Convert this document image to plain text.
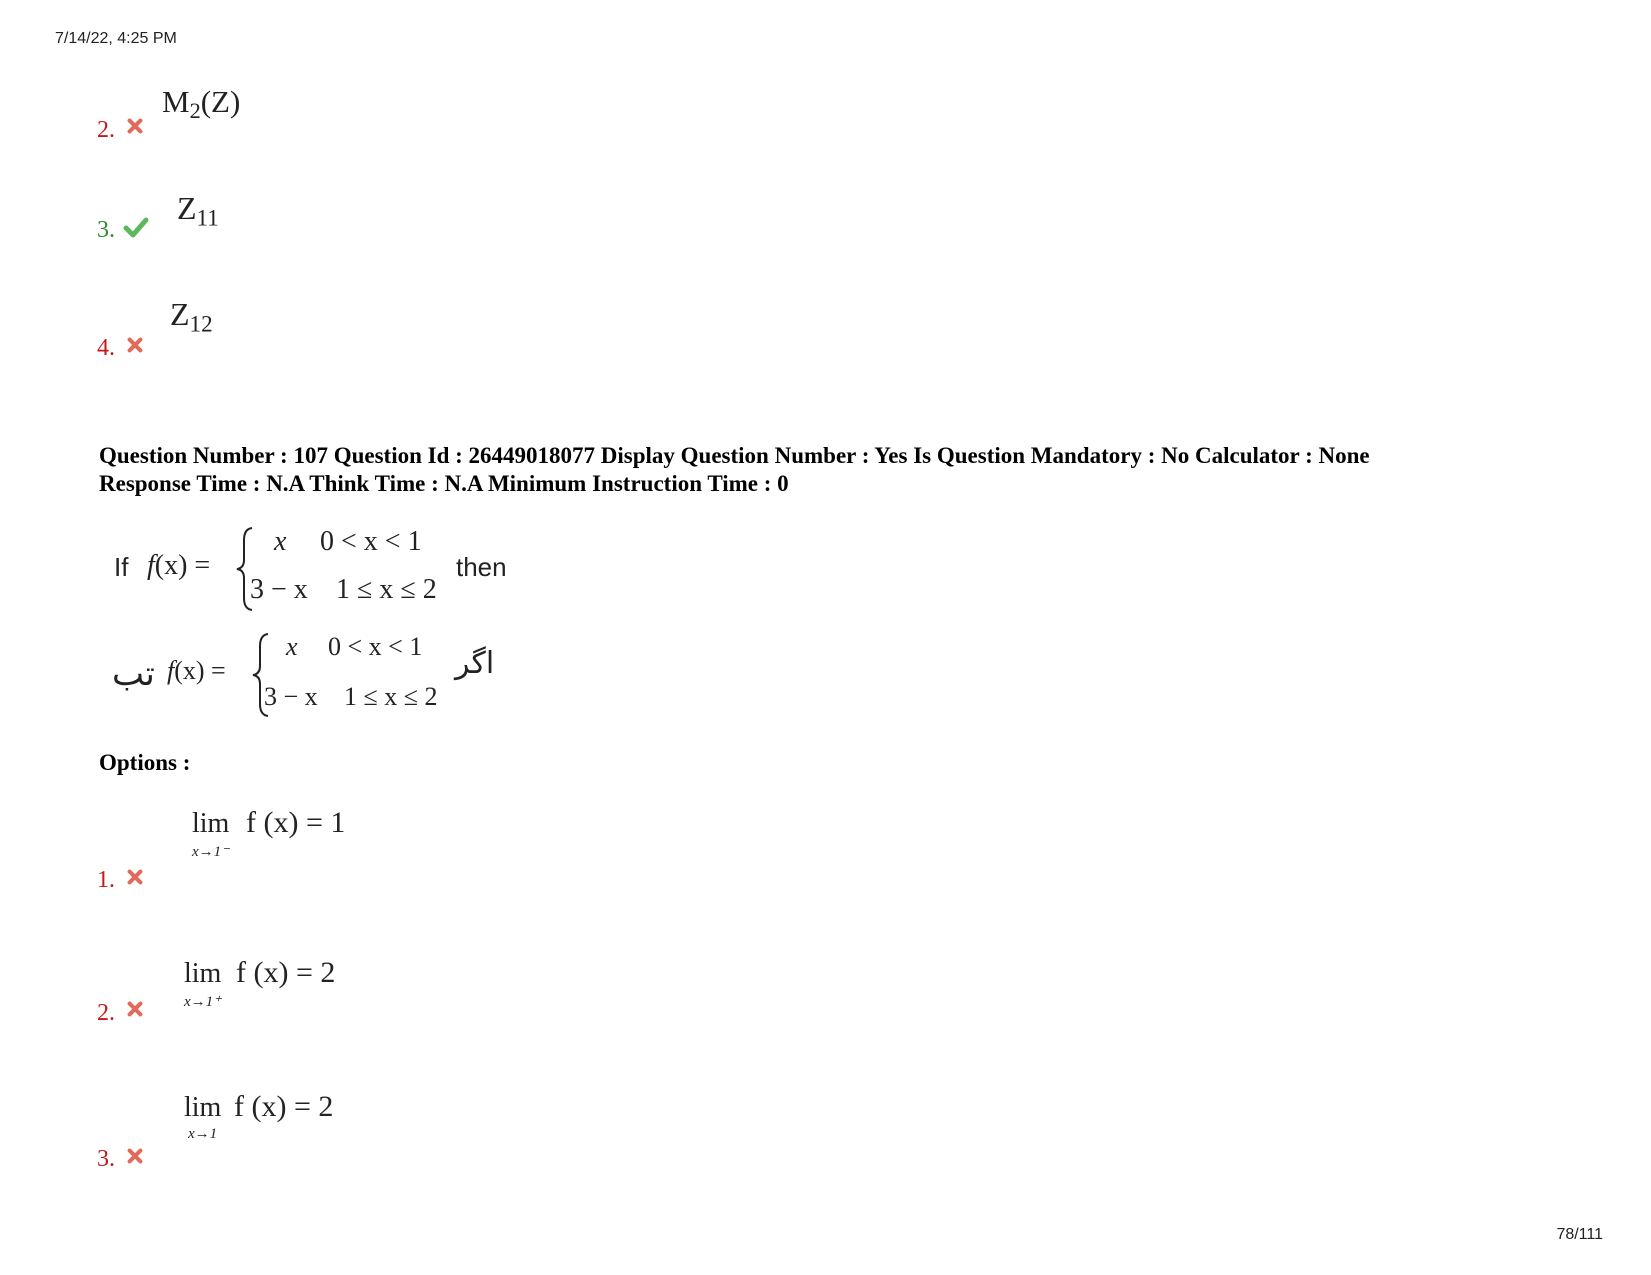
7/14/22, 4:25 PM
2.
$M_2(Z)$
3.
$Z_{11}$
4.
$Z_{12}$
Question Number : 107 Question Id : 26449018077 Display Question Number : Yes Is Question Mandatory : No Calculator : None
Response Time : N.A Think Time : N.A Minimum Instruction Time : 0
If f(x) =
x 0 < x < 1
3 − x 1 ≤ x ≤ 2
then
تب f(x) =
x 0 < x < 1
3 − x 1 ≤ x ≤ 2
اگر
Options :
1.
lim
x→1⁻
f (x) = 1
2.
lim
x→1⁺
f (x) = 2
3.
lim
x→1
f (x) = 2
78/111
